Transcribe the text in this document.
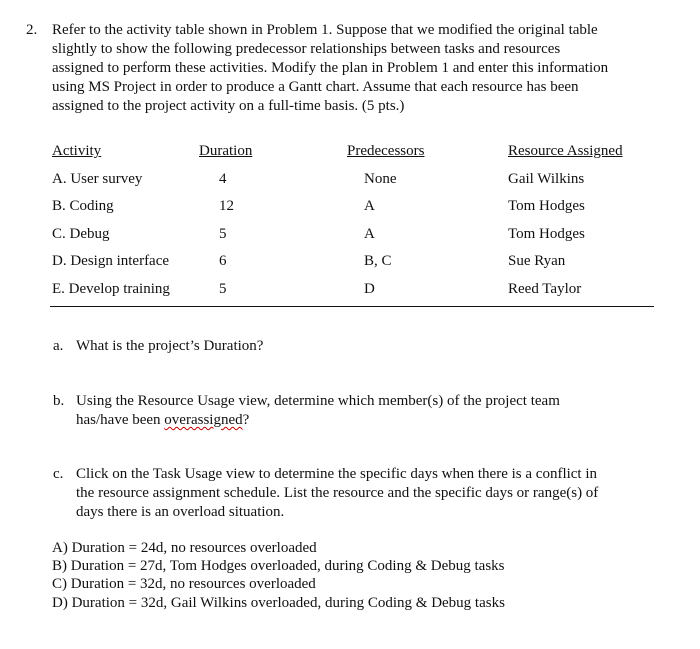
2. Refer to the activity table shown in Problem 1. Suppose that we modified the original table
slightly to show the following predecessor relationships between tasks and resources
assigned to perform these activities. Modify the plan in Problem 1 and enter this information
using MS Project in order to produce a Gantt chart. Assume that each resource has been
assigned to the project activity on a full-time basis. (5 pts.)
Activity	Duration	Predecessors	Resource Assigned
A. User survey	4	None	Gail Wilkins
B. Coding	12	A	Tom Hodges
C. Debug	5	A	Tom Hodges
D. Design interface	6	B, C	Sue Ryan
E. Develop training	5	D	Reed Taylor
a. What is the project’s Duration?
b. Using the Resource Usage view, determine which member(s) of the project team
has/have been overassigned?
c. Click on the Task Usage view to determine the specific days when there is a conflict in
the resource assignment schedule. List the resource and the specific days or range(s) of
days there is an overload situation.
A) Duration = 24d, no resources overloaded
B) Duration = 27d, Tom Hodges overloaded, during Coding & Debug tasks
C) Duration = 32d, no resources overloaded
D) Duration = 32d, Gail Wilkins overloaded, during Coding & Debug tasks
